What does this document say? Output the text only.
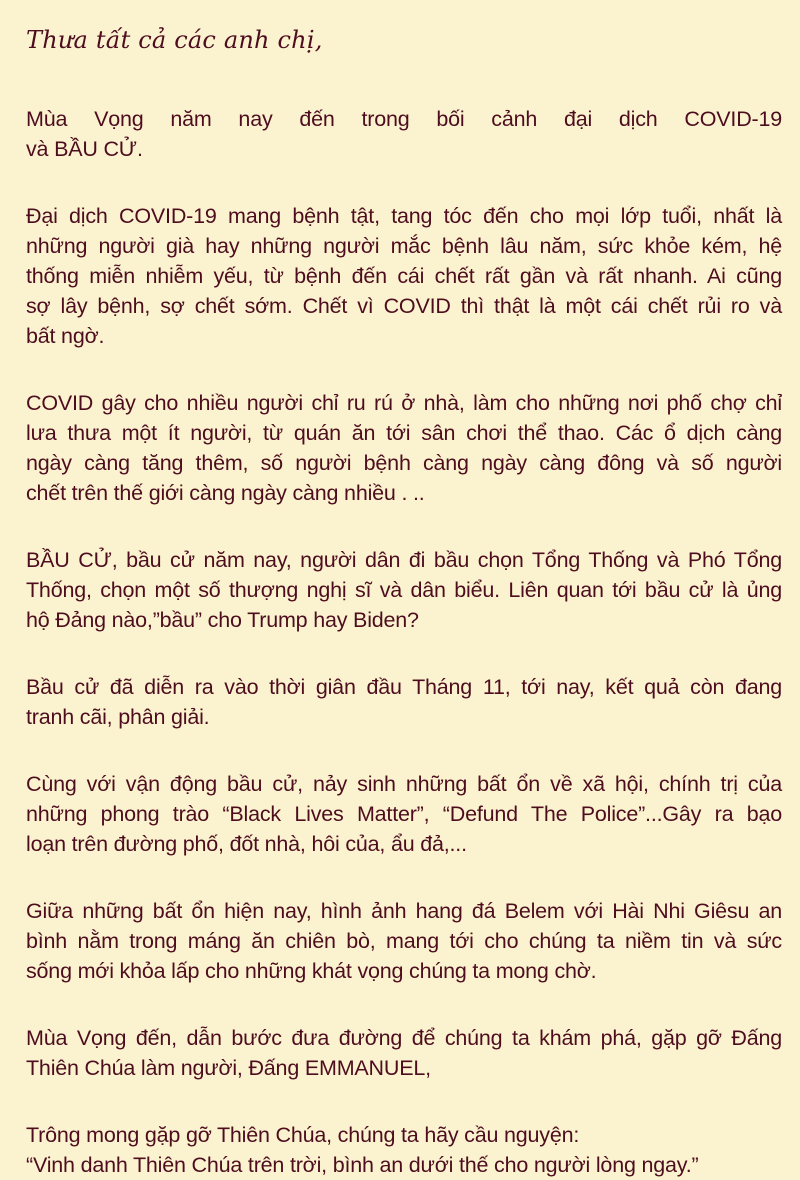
Thưa tất cả các anh chị,
Mùa Vọng năm nay đến trong bối cảnh đại dịch COVID-19
và BẦU CỬ.
Đại dịch COVID-19 mang bệnh tật, tang tóc đến cho mọi lớp tuổi, nhất là
những người già hay những người mắc bệnh lâu năm, sức khỏe kém, hệ
thống miễn nhiễm yếu, từ bệnh đến cái chết rất gần và rất nhanh. Ai cũng
sợ lây bệnh, sợ chết sớm. Chết vì COVID thì thật là một cái chết rủi ro và
bất ngờ.
COVID gây cho nhiều người chỉ ru rú ở nhà, làm cho những nơi phố chợ chỉ
lưa thưa một ít người, từ quán ăn tới sân chơi thể thao. Các ổ dịch càng
ngày càng tăng thêm, số người bệnh càng ngày càng đông và số người
chết trên thế giới càng ngày càng nhiều . ..
BẦU CỬ, bầu cử năm nay, người dân đi bầu chọn Tổng Thống và Phó Tổng
Thống, chọn một số thượng nghị sĩ và dân biểu. Liên quan tới bầu cử là ủng
hộ Đảng nào,”bầu” cho Trump hay Biden?
Bầu cử đã diễn ra vào thời giân đầu Tháng 11, tới nay, kết quả còn đang
tranh cãi, phân giải.
Cùng với vận động bầu cử, nảy sinh những bất ổn về xã hội, chính trị của
những phong trào “Black Lives Matter”, “Defund The Police”...Gây ra bạo
loạn trên đường phố, đốt nhà, hôi của, ẩu đả,...
Giữa những bất ổn hiện nay, hình ảnh hang đá Belem với Hài Nhi Giêsu an
bình nằm trong máng ăn chiên bò, mang tới cho chúng ta niềm tin và sức
sống mới khỏa lấp cho những khát vọng chúng ta mong chờ.
Mùa Vọng đến, dẫn bước đưa đường để chúng ta khám phá, gặp gỡ Đấng
Thiên Chúa làm người, Đấng EMMANUEL,
Trông mong gặp gỡ Thiên Chúa, chúng ta hãy cầu nguyện:
“Vinh danh Thiên Chúa trên trời, bình an dưới thế cho người lòng ngay.”
